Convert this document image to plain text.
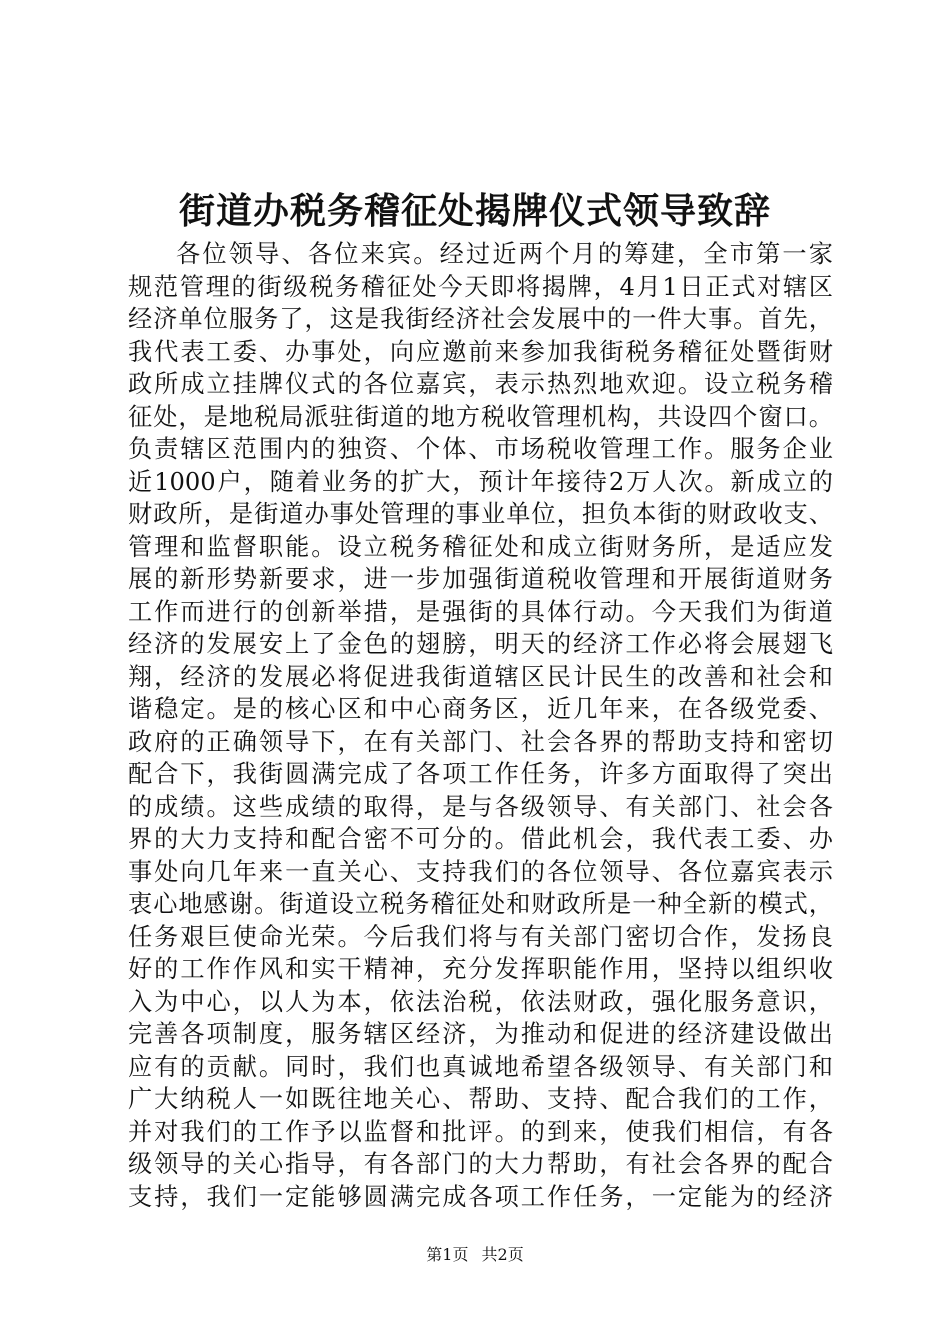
街道办税务稽征处揭牌仪式领导致辞
各位领导、各位来宾。经过近两个月的筹建，全市第一家
规范管理的街级税务稽征处今天即将揭牌，4月1日正式对辖区
经济单位服务了，这是我街经济社会发展中的一件大事。首先，
我代表工委、办事处，向应邀前来参加我街税务稽征处暨街财
政所成立挂牌仪式的各位嘉宾，表示热烈地欢迎。设立税务稽
征处，是地税局派驻街道的地方税收管理机构，共设四个窗口。
负责辖区范围内的独资、个体、市场税收管理工作。服务企业
近1000户，随着业务的扩大，预计年接待2万人次。新成立的
财政所，是街道办事处管理的事业单位，担负本街的财政收支、
管理和监督职能。设立税务稽征处和成立街财务所，是适应发
展的新形势新要求，进一步加强街道税收管理和开展街道财务
工作而进行的创新举措，是强街的具体行动。今天我们为街道
经济的发展安上了金色的翅膀，明天的经济工作必将会展翅飞
翔，经济的发展必将促进我街道辖区民计民生的改善和社会和
谐稳定。是的核心区和中心商务区，近几年来，在各级党委、
政府的正确领导下，在有关部门、社会各界的帮助支持和密切
配合下，我街圆满完成了各项工作任务，许多方面取得了突出
的成绩。这些成绩的取得，是与各级领导、有关部门、社会各
界的大力支持和配合密不可分的。借此机会，我代表工委、办
事处向几年来一直关心、支持我们的各位领导、各位嘉宾表示
衷心地感谢。街道设立税务稽征处和财政所是一种全新的模式，
任务艰巨使命光荣。今后我们将与有关部门密切合作，发扬良
好的工作作风和实干精神，充分发挥职能作用，坚持以组织收
入为中心，以人为本，依法治税，依法财政，强化服务意识，
完善各项制度，服务辖区经济，为推动和促进的经济建设做出
应有的贡献。同时，我们也真诚地希望各级领导、有关部门和
广大纳税人一如既往地关心、帮助、支持、配合我们的工作，
并对我们的工作予以监督和批评。的到来，使我们相信，有各
级领导的关心指导，有各部门的大力帮助，有社会各界的配合
支持，我们一定能够圆满完成各项工作任务，一定能为的经济
第1页 共2页
